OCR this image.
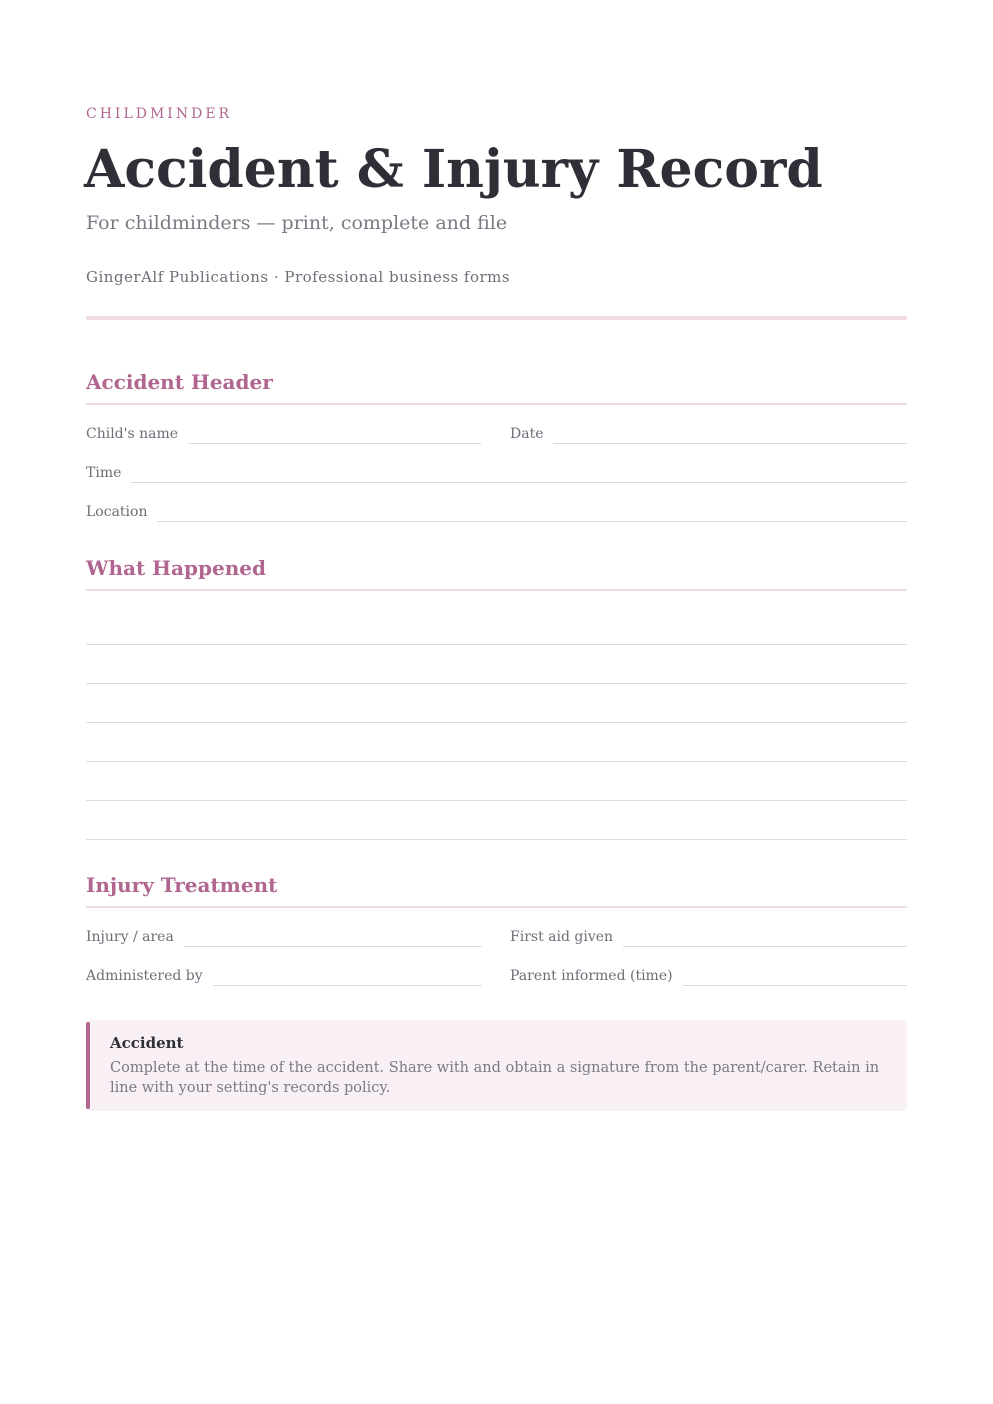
CHILDMINDER
Accident & Injury Record
For childminders — print, complete and file
GingerAlf Publications · Professional business forms
Accident Header
Child's name	Date
Time
Location
What Happened
Injury Treatment
Injury / area	First aid given
Administered by	Parent informed (time)
Accident
Complete at the time of the accident. Share with and obtain a signature from the parent/carer. Retain in line with your setting's records policy.
